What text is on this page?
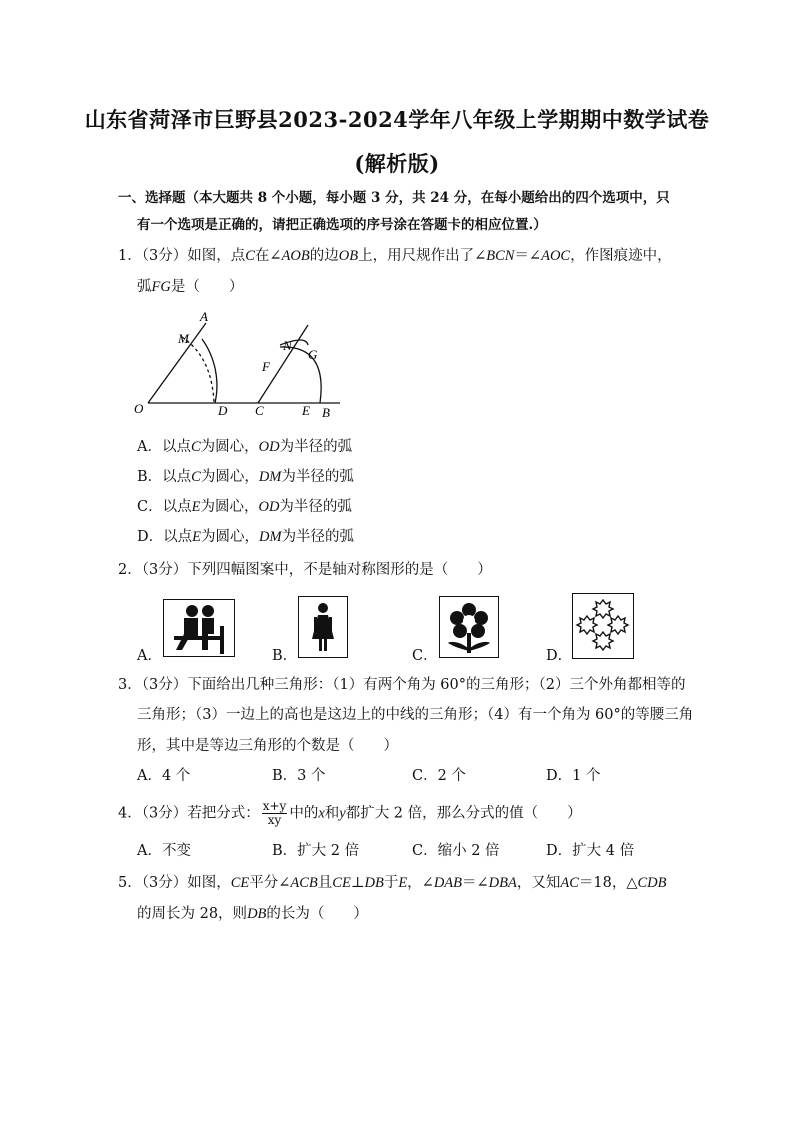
山东省菏泽市巨野县2023-2024学年八年级上学期期中数学试卷
(解析版)
一、选择题（本大题共 8 个小题，每小题 3 分，共 24 分，在每小题给出的四个选项中，只
有一个选项是正确的，请把正确选项的序号涂在答题卡的相应位置.）
1．（3分）如图，点C在∠AOB的边OB上，用尺规作出了∠BCN＝∠AOC，作图痕迹中，
弧FG是（　　）
O
A
M
D
N
G
F
C	E B
A．以点C为圆心，OD为半径的弧
B．以点C为圆心，DM为半径的弧
C．以点E为圆心，OD为半径的弧
D．以点E为圆心，DM为半径的弧
2．（3分）下列四幅图案中，不是轴对称图形的是（　　）
A．	B．	C．	D．
3．（3分）下面给出几种三角形：（1）有两个角为 60°的三角形；（2）三个外角都相等的
三角形；（3）一边上的高也是这边上的中线的三角形；（4）有一个角为 60°的等腰三角
形，其中是等边三角形的个数是（　　）
A．4 个	B．3 个	C．2 个	D．1 个
4．（3分）若把分式： $\frac{x+y}{xy}$ 中的x和y都扩大 2 倍，那么分式的值（　　）
A．不变	B．扩大 2 倍	C．缩小 2 倍	D．扩大 4 倍
5．（3分）如图，CE平分∠ACB且CE⊥DB于E，∠DAB＝∠DBA，又知AC＝18，△CDB
的周长为 28，则DB的长为（　　）
